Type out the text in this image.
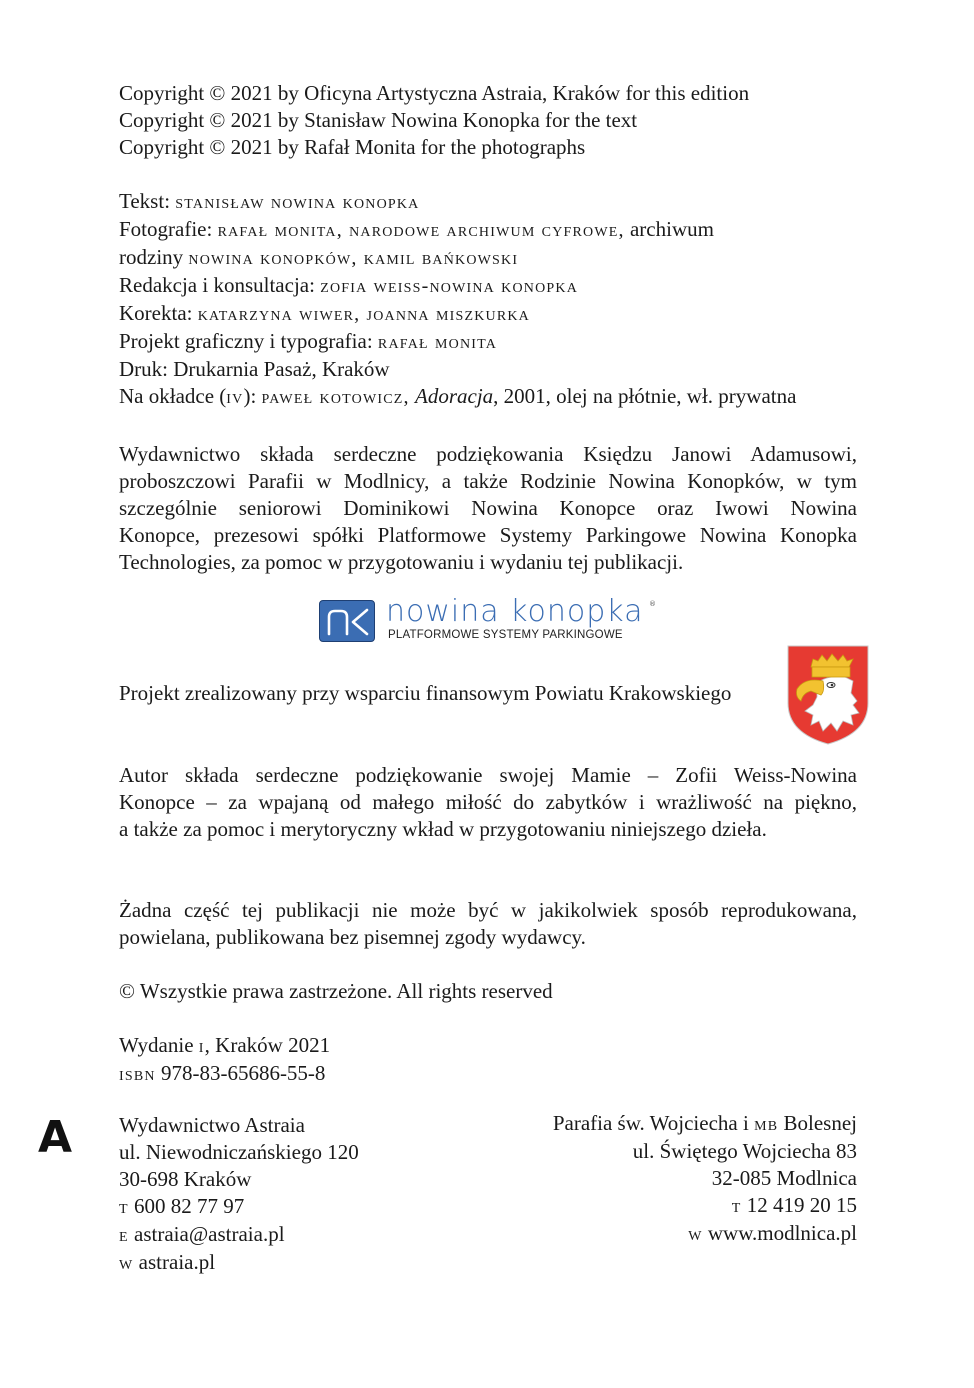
Copyright © 2021 by Oficyna Artystyczna Astraia, Kraków for this edition
Copyright © 2021 by Stanisław Nowina Konopka for the text
Copyright © 2021 by Rafał Monita for the photographs
Tekst: stanisław nowina konopka
Fotografie: rafał monita, narodowe archiwum cyfrowe, archiwum
rodziny nowina konopków, kamil bańkowski
Redakcja i konsultacja: zofia weiss-nowina konopka
Korekta: katarzyna wiwer, joanna miszkurka
Projekt graficzny i typografia: rafał monita
Druk: Drukarnia Pasaż, Kraków
Na okładce (iv): paweł kotowicz, Adoracja, 2001, olej na płótnie, wł. prywatna
Wydawnictwo składa serdeczne podziękowania Księdzu Janowi Adamusowi,
proboszczowi Parafii w Modlnicy, a także Rodzinie Nowina Konopków, w tym
szczególnie seniorowi Dominikowi Nowina Konopce oraz Iwowi Nowina
Konopce, prezesowi spółki Platformowe Systemy Parkingowe Nowina Konopka
Technologies, za pomoc w przygotowaniu i wydaniu tej publikacji.
nowina konopka ®
PLATFORMOWE SYSTEMY PARKINGOWE
Projekt zrealizowany przy wsparciu finansowym Powiatu Krakowskiego
Autor składa serdeczne podziękowanie swojej Mamie – Zofii Weiss-Nowina
Konopce – za wpajaną od małego miłość do zabytków i wrażliwość na piękno,
a także za pomoc i merytoryczny wkład w przygotowaniu niniejszego dzieła.
Żadna część tej publikacji nie może być w jakikolwiek sposób reprodukowana,
powielana, publikowana bez pisemnej zgody wydawcy.
© Wszystkie prawa zastrzeżone. All rights reserved
Wydanie i, Kraków 2021
isbn 978-83-65686-55-8
A Wydawnictwo Astraia
ul. Niewodniczańskiego 120
30-698 Kraków
t 600 82 77 97
e astraia@astraia.pl
w astraia.pl
Parafia św. Wojciecha i mb Bolesnej
ul. Świętego Wojciecha 83
32-085 Modlnica
t 12 419 20 15
w www.modlnica.pl
